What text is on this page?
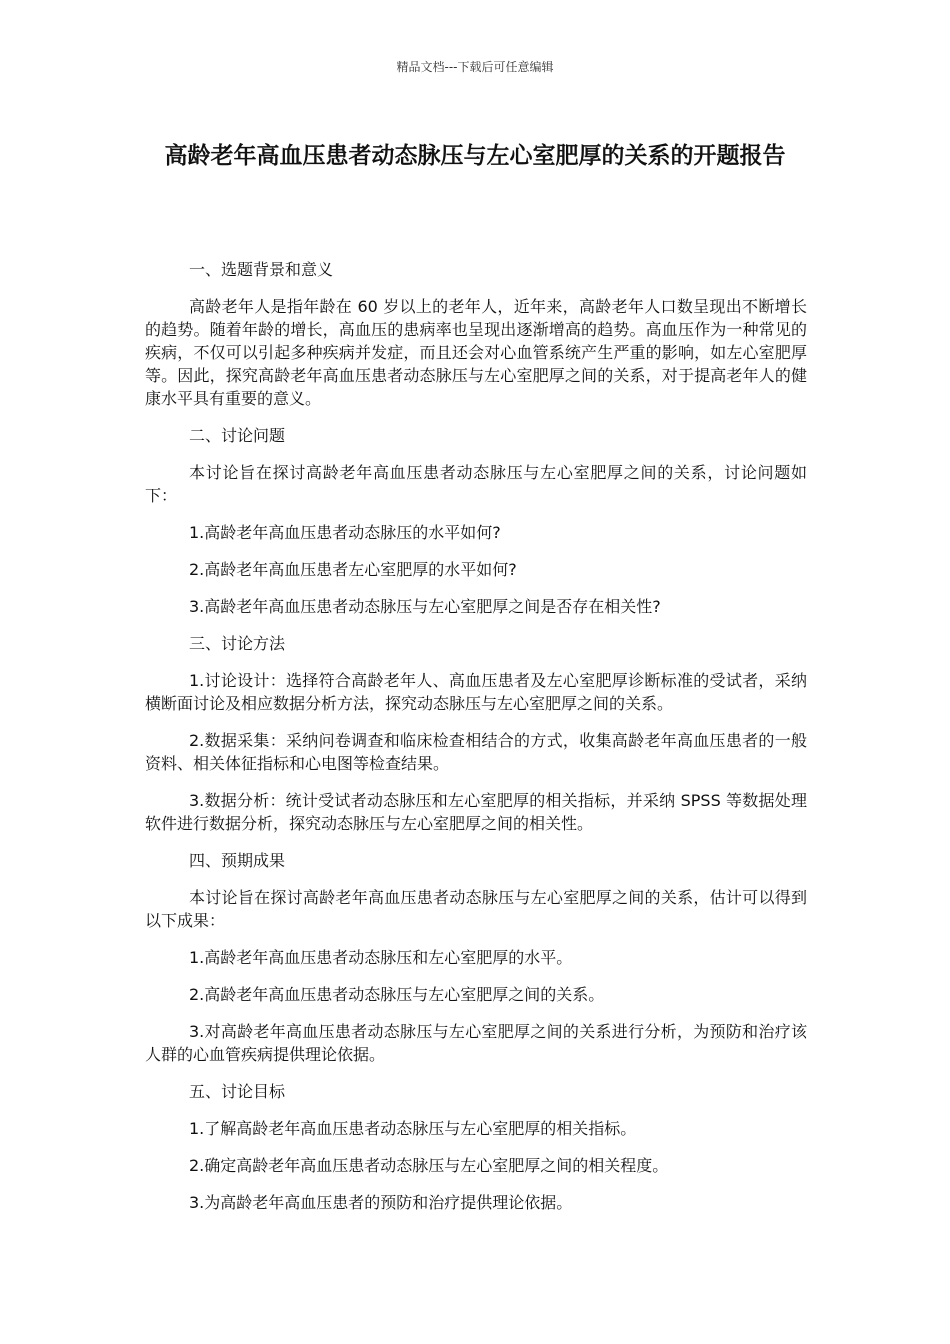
精品文档---下载后可任意编辑
高龄老年高血压患者动态脉压与左心室肥厚的关系的开题报告

一、选题背景和意义

高龄老年人是指年龄在 60 岁以上的老年人，近年来，高龄老年人口数呈现出不断增长的趋势。随着年龄的增长，高血压的患病率也呈现出逐渐增高的趋势。高血压作为一种常见的疾病，不仅可以引起多种疾病并发症，而且还会对心血管系统产生严重的影响，如左心室肥厚等。因此，探究高龄老年高血压患者动态脉压与左心室肥厚之间的关系，对于提高老年人的健康水平具有重要的意义。

二、讨论问题

本讨论旨在探讨高龄老年高血压患者动态脉压与左心室肥厚之间的关系，讨论问题如下：

1.高龄老年高血压患者动态脉压的水平如何?

2.高龄老年高血压患者左心室肥厚的水平如何?

3.高龄老年高血压患者动态脉压与左心室肥厚之间是否存在相关性?

三、讨论方法

1.讨论设计：选择符合高龄老年人、高血压患者及左心室肥厚诊断标准的受试者，采纳横断面讨论及相应数据分析方法，探究动态脉压与左心室肥厚之间的关系。

2.数据采集：采纳问卷调查和临床检查相结合的方式，收集高龄老年高血压患者的一般资料、相关体征指标和心电图等检查结果。

3.数据分析：统计受试者动态脉压和左心室肥厚的相关指标，并采纳 SPSS 等数据处理软件进行数据分析，探究动态脉压与左心室肥厚之间的相关性。

四、预期成果

本讨论旨在探讨高龄老年高血压患者动态脉压与左心室肥厚之间的关系，估计可以得到以下成果：

1.高龄老年高血压患者动态脉压和左心室肥厚的水平。

2.高龄老年高血压患者动态脉压与左心室肥厚之间的关系。

3.对高龄老年高血压患者动态脉压与左心室肥厚之间的关系进行分析，为预防和治疗该人群的心血管疾病提供理论依据。

五、讨论目标

1.了解高龄老年高血压患者动态脉压与左心室肥厚的相关指标。

2.确定高龄老年高血压患者动态脉压与左心室肥厚之间的相关程度。

3.为高龄老年高血压患者的预防和治疗提供理论依据。
